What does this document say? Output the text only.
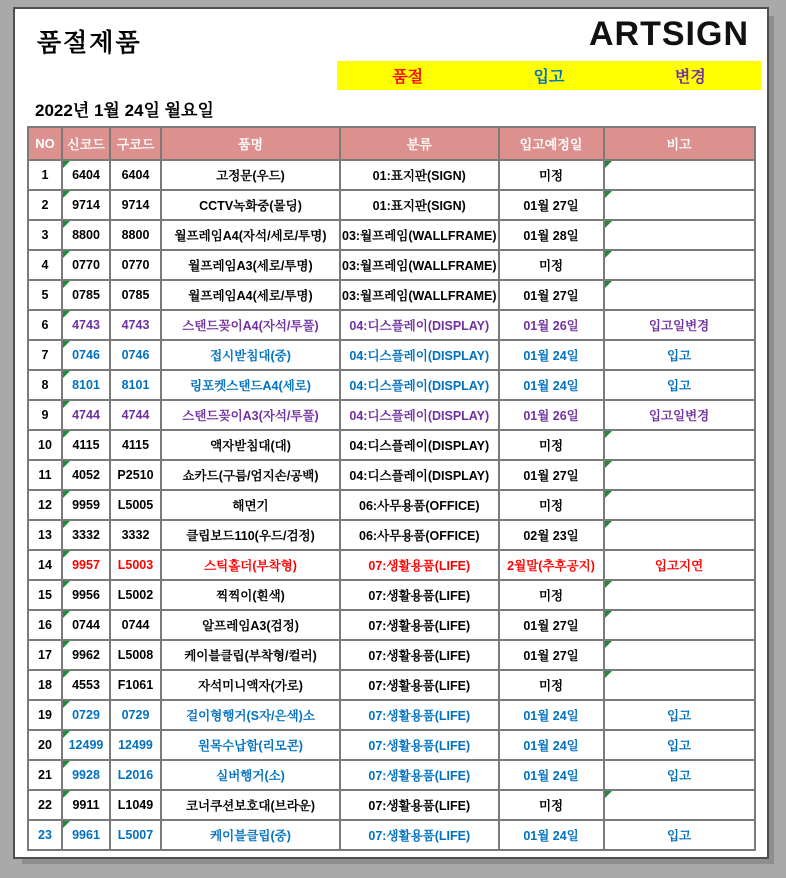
품절제품	ARTSIGN
품절	입고	변경
2022년 1월 24일 월요일
NO	신코드	구코드	품명	분류	입고예정일	비고
1	6404	6404	고정문(우드)	01:표지판(SIGN)	미정	

2	9714	9714	CCTV녹화중(몰딩)	01:표지판(SIGN)	01월 27일	

3	8800	8800	월프레임A4(자석/세로/투명)	03:월프레임(WALLFRAME)	01월 28일	

4	0770	0770	월프레임A3(세로/투명)	03:월프레임(WALLFRAME)	미정	

5	0785	0785	월프레임A4(세로/투명)	03:월프레임(WALLFRAME)	01월 27일	

6	4743	4743	스탠드꽂이A4(자석/투풀)	04:디스플레이(DISPLAY)	01월 26일	입고일변경
7	0746	0746	접시받침대(중)	04:디스플레이(DISPLAY)	01월 24일	입고
8	8101	8101	링포켓스탠드A4(세로)	04:디스플레이(DISPLAY)	01월 24일	입고
9	4744	4744	스탠드꽂이A3(자석/투풀)	04:디스플레이(DISPLAY)	01월 26일	입고일변경
10	4115	4115	액자받침대(대)	04:디스플레이(DISPLAY)	미정	

11	4052	P2510	쇼카드(구름/엄지손/공백)	04:디스플레이(DISPLAY)	01월 27일	

12	9959	L5005	해면기	06:사무용품(OFFICE)	미정	

13	3332	3332	클립보드110(우드/검정)	06:사무용품(OFFICE)	02월 23일	

14	9957	L5003	스틱홀더(부착형)	07:생활용품(LIFE)	2월말(추후공지)	입고지연
15	9956	L5002	찍찍이(흰색)	07:생활용품(LIFE)	미정	

16	0744	0744	알프레임A3(검정)	07:생활용품(LIFE)	01월 27일	

17	9962	L5008	케이블클립(부착형/컬러)	07:생활용품(LIFE)	01월 27일	

18	4553	F1061	자석미니액자(가로)	07:생활용품(LIFE)	미정	

19	0729	0729	걸이형행거(S자/은색)소	07:생활용품(LIFE)	01월 24일	입고
20	12499	12499	원목수납함(리모콘)	07:생활용품(LIFE)	01월 24일	입고
21	9928	L2016	실버행거(소)	07:생활용품(LIFE)	01월 24일	입고
22	9911	L1049	코너쿠션보호대(브라운)	07:생활용품(LIFE)	미정	

23	9961	L5007	케이블클립(중)	07:생활용품(LIFE)	01월 24일	입고
